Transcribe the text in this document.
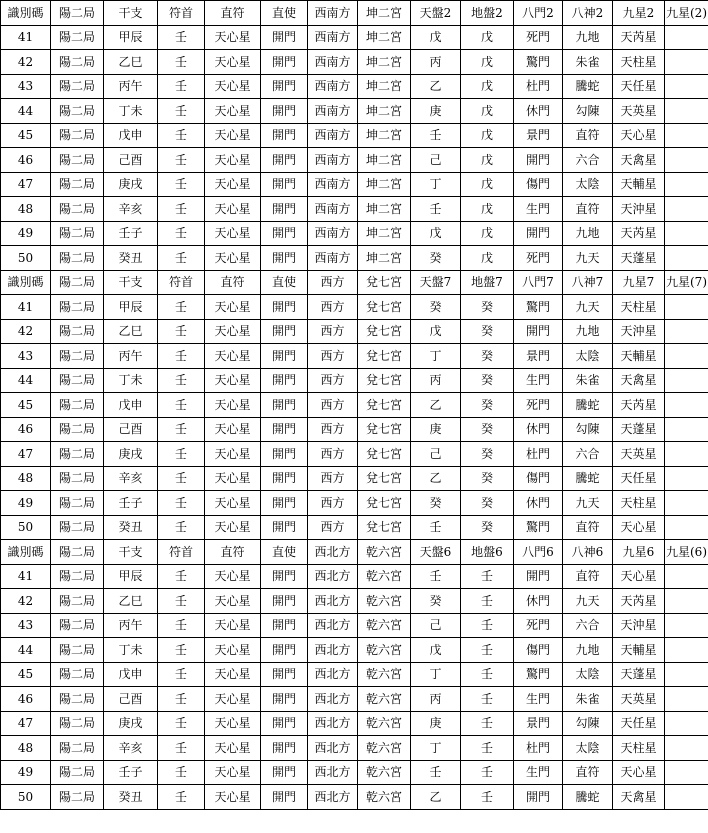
識別碼	陽二局	干支	符首	直符	直使	西南方	坤二宮	天盤2	地盤2	八門2	八神2	九星2	九星(2)
41	陽二局	甲辰	壬	天心星	開門	西南方	坤二宮	戊	戊	死門	九地	天芮星	
42	陽二局	乙巳	壬	天心星	開門	西南方	坤二宮	丙	戊	驚門	朱雀	天柱星	
43	陽二局	丙午	壬	天心星	開門	西南方	坤二宮	乙	戊	杜門	騰蛇	天任星	
44	陽二局	丁未	壬	天心星	開門	西南方	坤二宮	庚	戊	休門	勾陳	天英星	
45	陽二局	戊申	壬	天心星	開門	西南方	坤二宮	壬	戊	景門	直符	天心星	
46	陽二局	己酉	壬	天心星	開門	西南方	坤二宮	己	戊	開門	六合	天禽星	
47	陽二局	庚戌	壬	天心星	開門	西南方	坤二宮	丁	戊	傷門	太陰	天輔星	
48	陽二局	辛亥	壬	天心星	開門	西南方	坤二宮	壬	戊	生門	直符	天沖星	
49	陽二局	壬子	壬	天心星	開門	西南方	坤二宮	戊	戊	開門	九地	天芮星	
50	陽二局	癸丑	壬	天心星	開門	西南方	坤二宮	癸	戊	死門	九天	天蓬星	
識別碼	陽二局	干支	符首	直符	直使	西方	兌七宮	天盤7	地盤7	八門7	八神7	九星7	九星(7)
41	陽二局	甲辰	壬	天心星	開門	西方	兌七宮	癸	癸	驚門	九天	天柱星	
42	陽二局	乙巳	壬	天心星	開門	西方	兌七宮	戊	癸	開門	九地	天沖星	
43	陽二局	丙午	壬	天心星	開門	西方	兌七宮	丁	癸	景門	太陰	天輔星	
44	陽二局	丁未	壬	天心星	開門	西方	兌七宮	丙	癸	生門	朱雀	天禽星	
45	陽二局	戊申	壬	天心星	開門	西方	兌七宮	乙	癸	死門	騰蛇	天芮星	
46	陽二局	己酉	壬	天心星	開門	西方	兌七宮	庚	癸	休門	勾陳	天蓬星	
47	陽二局	庚戌	壬	天心星	開門	西方	兌七宮	己	癸	杜門	六合	天英星	
48	陽二局	辛亥	壬	天心星	開門	西方	兌七宮	乙	癸	傷門	騰蛇	天任星	
49	陽二局	壬子	壬	天心星	開門	西方	兌七宮	癸	癸	休門	九天	天柱星	
50	陽二局	癸丑	壬	天心星	開門	西方	兌七宮	壬	癸	驚門	直符	天心星	
識別碼	陽二局	干支	符首	直符	直使	西北方	乾六宮	天盤6	地盤6	八門6	八神6	九星6	九星(6)
41	陽二局	甲辰	壬	天心星	開門	西北方	乾六宮	壬	壬	開門	直符	天心星	
42	陽二局	乙巳	壬	天心星	開門	西北方	乾六宮	癸	壬	休門	九天	天芮星	
43	陽二局	丙午	壬	天心星	開門	西北方	乾六宮	己	壬	死門	六合	天沖星	
44	陽二局	丁未	壬	天心星	開門	西北方	乾六宮	戊	壬	傷門	九地	天輔星	
45	陽二局	戊申	壬	天心星	開門	西北方	乾六宮	丁	壬	驚門	太陰	天蓬星	
46	陽二局	己酉	壬	天心星	開門	西北方	乾六宮	丙	壬	生門	朱雀	天英星	
47	陽二局	庚戌	壬	天心星	開門	西北方	乾六宮	庚	壬	景門	勾陳	天任星	
48	陽二局	辛亥	壬	天心星	開門	西北方	乾六宮	丁	壬	杜門	太陰	天柱星	
49	陽二局	壬子	壬	天心星	開門	西北方	乾六宮	壬	壬	生門	直符	天心星	
50	陽二局	癸丑	壬	天心星	開門	西北方	乾六宮	乙	壬	開門	騰蛇	天禽星	
